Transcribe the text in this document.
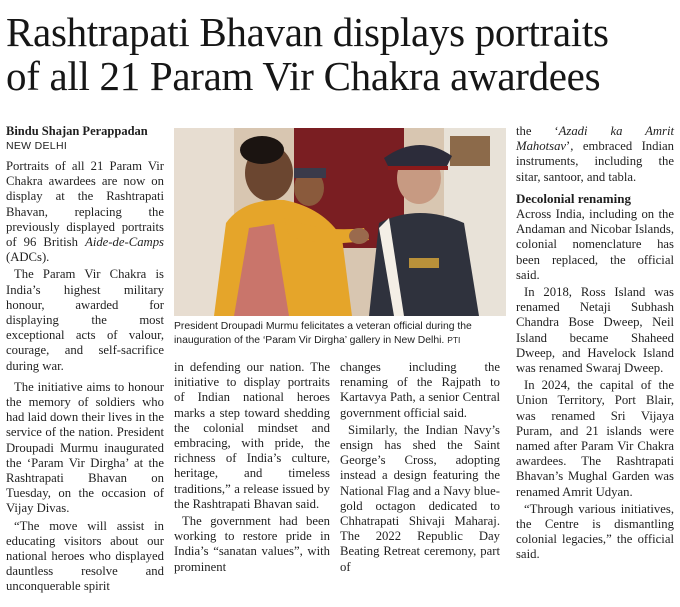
Rashtrapati Bhavan displays portraits
of all 21 Param Vir Chakra awardees
Bindu Shajan Perappadan
NEW DELHI

Portraits of all 21 Param Vir Chakra awardees are now on display at the Rashtrapati Bhavan, replacing the previously displayed portraits of 96 British Aide-de-Camps (ADCs).

The Param Vir Chakra is India’s highest military honour, awarded for displaying the most exceptional acts of valour, courage, and self-sacrifice during war.

The initiative aims to honour the memory of soldiers who had laid down their lives in the service of the nation. President Droupadi Murmu inaugurated the ‘Param Vir Dirgha’ at the Rashtrapati Bhavan on Tuesday, on the occasion of Vijay Divas.

“The move will assist in educating visitors about our national heroes who displayed dauntless resolve and unconquerable spirit

President Droupadi Murmu felicitates a veteran official during the inauguration of the ‘Param Vir Dirgha’ gallery in New Delhi. PTI

in defending our nation. The initiative to display portraits of Indian national heroes marks a step toward shedding the colonial mindset and embracing, with pride, the richness of India’s culture, heritage, and timeless traditions,” a release issued by the Rashtrapati Bhavan said.

The government had been working to restore pride in India’s “sanatan values”, with prominent

changes including the renaming of the Rajpath to Kartavya Path, a senior Central government official said.

Similarly, the Indian Navy’s ensign has shed the Saint George’s Cross, adopting instead a design featuring the National Flag and a Navy blue-gold octagon dedicated to Chhatrapati Shivaji Maharaj. The 2022 Republic Day Beating Retreat ceremony, part of

the ‘Azadi ka Amrit Mahotsav’, embraced Indian instruments, including the sitar, santoor, and tabla.

Decolonial renaming

Across India, including on the Andaman and Nicobar Islands, colonial nomenclature has been replaced, the official said.

In 2018, Ross Island was renamed Netaji Subhash Chandra Bose Dweep, Neil Island became Shaheed Dweep, and Havelock Island was renamed Swaraj Dweep.

In 2024, the capital of the Union Territory, Port Blair, was renamed Sri Vijaya Puram, and 21 islands were named after Param Vir Chakra awardees. The Rashtrapati Bhavan’s Mughal Garden was renamed Amrit Udyan.

“Through various initiatives, the Centre is dismantling colonial legacies,” the official said.
